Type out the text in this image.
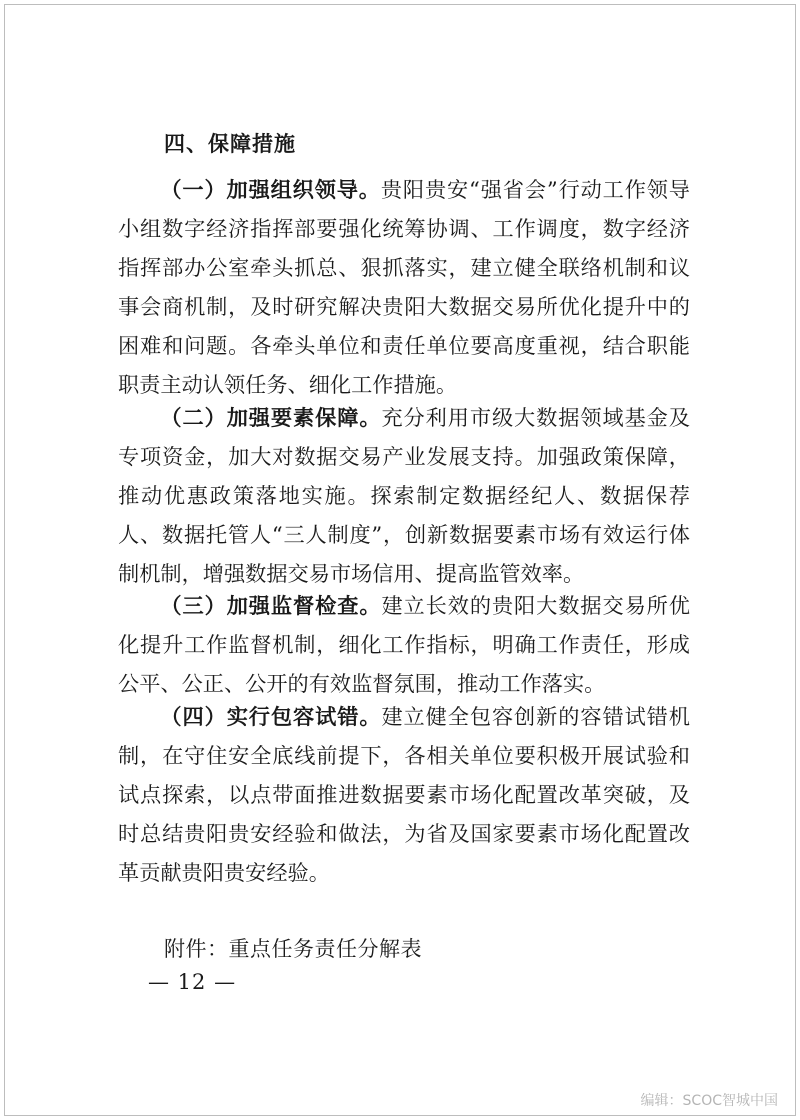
四、保障措施

（一）加强组织领导。贵阳贵安“强省会”行动工作领导小组数字经济指挥部要强化统筹协调、工作调度，数字经济指挥部办公室牵头抓总、狠抓落实，建立健全联络机制和议事会商机制，及时研究解决贵阳大数据交易所优化提升中的困难和问题。各牵头单位和责任单位要高度重视，结合职能职责主动认领任务、细化工作措施。

（二）加强要素保障。充分利用市级大数据领域基金及专项资金，加大对数据交易产业发展支持。加强政策保障，推动优惠政策落地实施。探索制定数据经纪人、数据保荐人、数据托管人“三人制度”，创新数据要素市场有效运行体制机制，增强数据交易市场信用、提高监管效率。

（三）加强监督检查。建立长效的贵阳大数据交易所优化提升工作监督机制，细化工作指标，明确工作责任，形成公平、公正、公开的有效监督氛围，推动工作落实。

（四）实行包容试错。建立健全包容创新的容错试错机制，在守住安全底线前提下，各相关单位要积极开展试验和试点探索，以点带面推进数据要素市场化配置改革突破，及时总结贵阳贵安经验和做法，为省及国家要素市场化配置改革贡献贵阳贵安经验。

附件：重点任务责任分解表
— 12 —
编辑：SCOC智城中国
